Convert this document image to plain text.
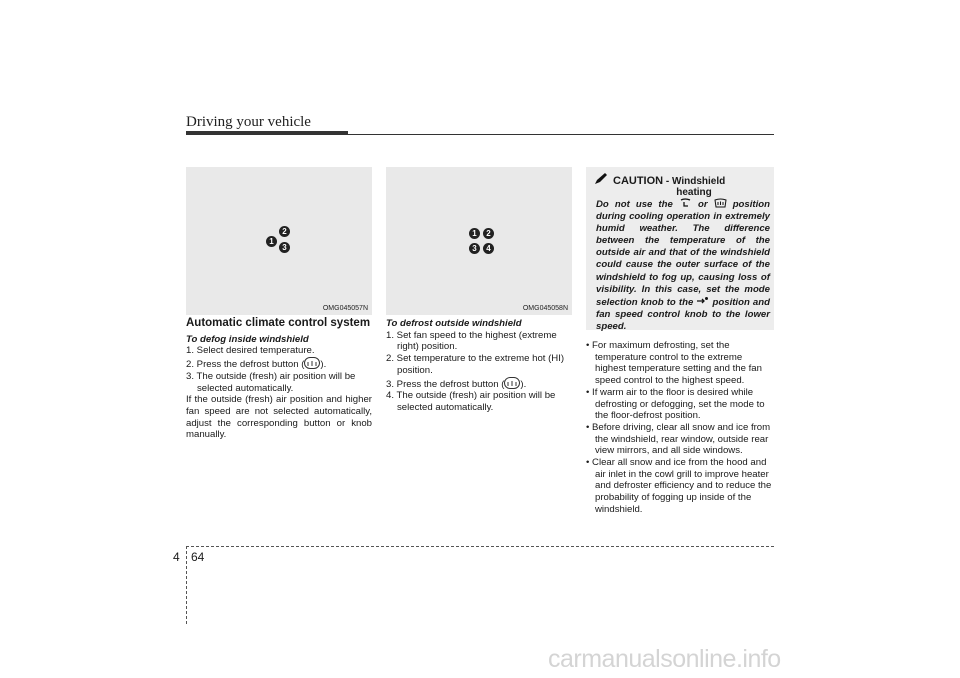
Driving your vehicle
1
2
3
OMG045057N
1	2
3	4
OMG045058N
CAUTION - Windshield
heating
Do not use the  or  position during cooling operation in extremely humid weather. The difference between the temperature of the outside air and that of the windshield could cause the outer surface of the windshield to fog up, causing loss of visibility. In this case, set the mode selection knob to the  position and fan speed control knob to the lower speed.
Automatic climate control system
To defog inside windshield
1. Select desired temperature.
2. Press the defrost button ( ).
3. The outside (fresh) air position will be selected automatically.
If the outside (fresh) air position and higher fan speed are not selected automatically, adjust the corresponding button or knob manually.
To defrost outside windshield
1. Set fan speed to the highest (extreme right) position.
2. Set temperature to the extreme hot (HI) position.
3. Press the defrost button ( ).
4. The outside (fresh) air position will be selected automatically.
• For maximum defrosting, set the temperature control to the extreme highest temperature setting and the fan speed control to the highest speed.
• If warm air to the floor is desired while defrosting or defogging, set the mode to the floor-defrost position.
• Before driving, clear all snow and ice from the windshield, rear window, outside rear view mirrors, and all side windows.
• Clear all snow and ice from the hood and air inlet in the cowl grill to improve heater and defroster efficiency and to reduce the probability of fogging up inside of the windshield.
4 64
carmanualsonline.info
